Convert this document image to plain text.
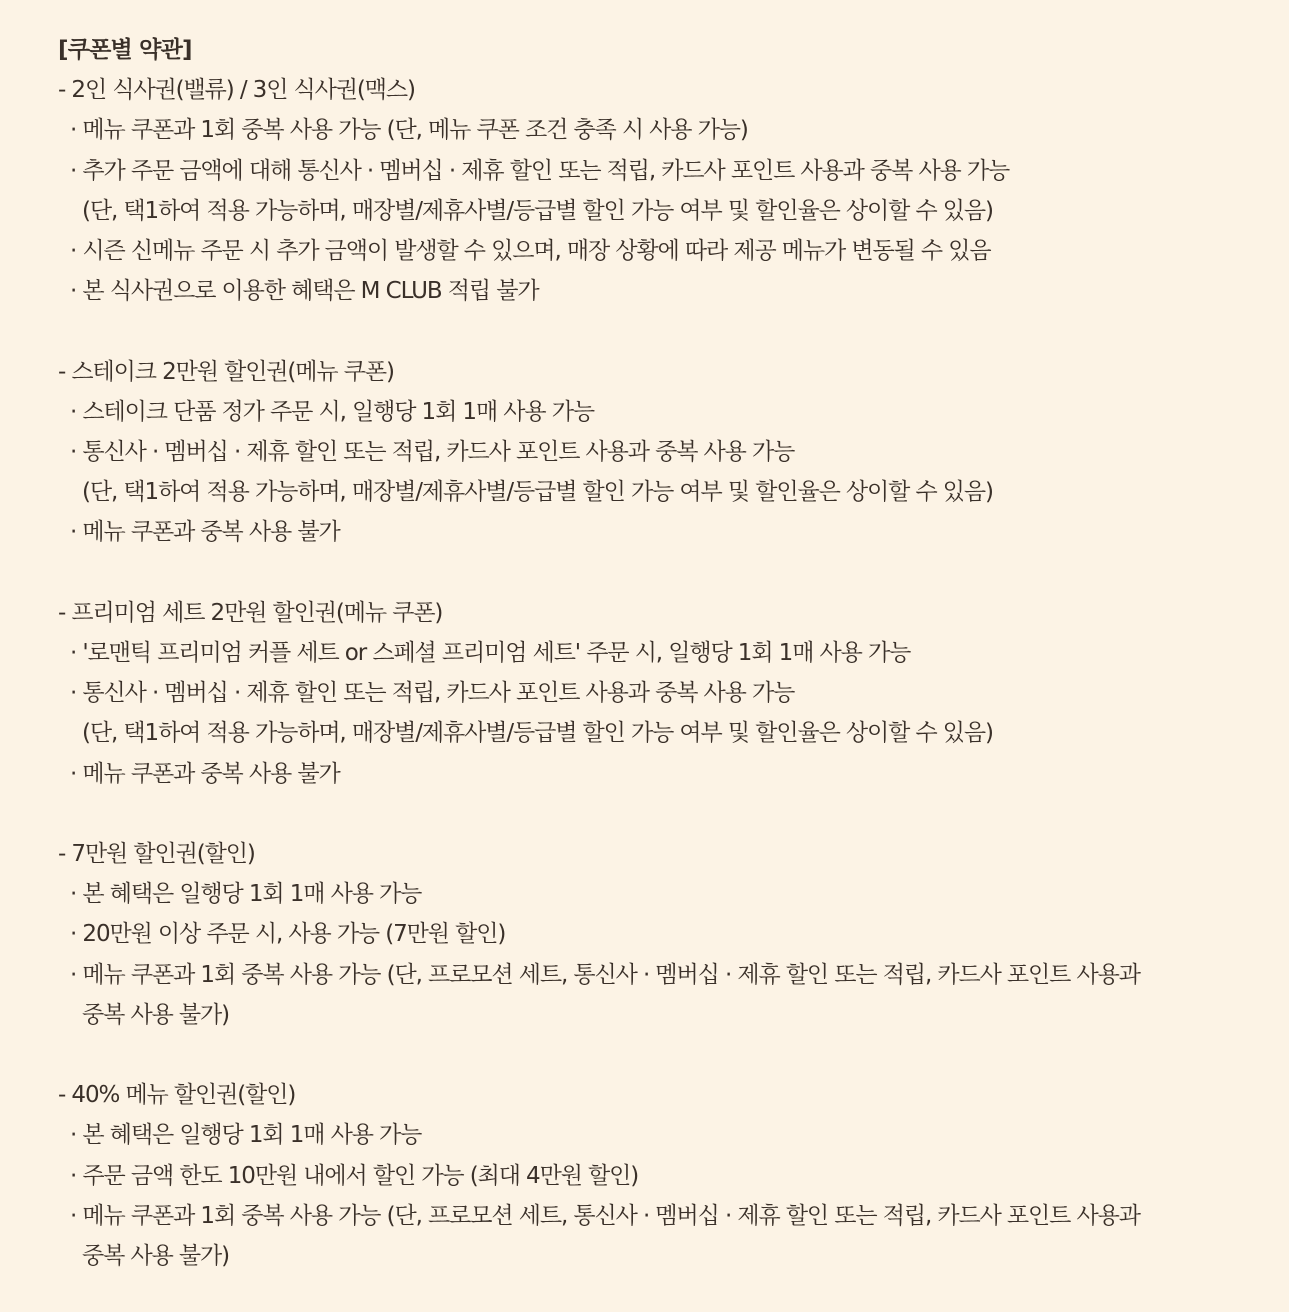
[쿠폰별 약관]
- 2인 식사권(밸류) / 3인 식사권(맥스)
· 메뉴 쿠폰과 1회 중복 사용 가능 (단, 메뉴 쿠폰 조건 충족 시 사용 가능)
· 추가 주문 금액에 대해 통신사 · 멤버십 · 제휴 할인 또는 적립, 카드사 포인트 사용과 중복 사용 가능
(단, 택1하여 적용 가능하며, 매장별/제휴사별/등급별 할인 가능 여부 및 할인율은 상이할 수 있음)
· 시즌 신메뉴 주문 시 추가 금액이 발생할 수 있으며, 매장 상황에 따라 제공 메뉴가 변동될 수 있음
· 본 식사권으로 이용한 혜택은 M CLUB 적립 불가
- 스테이크 2만원 할인권(메뉴 쿠폰)
· 스테이크 단품 정가 주문 시, 일행당 1회 1매 사용 가능
· 통신사 · 멤버십 · 제휴 할인 또는 적립, 카드사 포인트 사용과 중복 사용 가능
(단, 택1하여 적용 가능하며, 매장별/제휴사별/등급별 할인 가능 여부 및 할인율은 상이할 수 있음)
· 메뉴 쿠폰과 중복 사용 불가
- 프리미엄 세트 2만원 할인권(메뉴 쿠폰)
· '로맨틱 프리미엄 커플 세트 or 스페셜 프리미엄 세트' 주문 시, 일행당 1회 1매 사용 가능
· 통신사 · 멤버십 · 제휴 할인 또는 적립, 카드사 포인트 사용과 중복 사용 가능
(단, 택1하여 적용 가능하며, 매장별/제휴사별/등급별 할인 가능 여부 및 할인율은 상이할 수 있음)
· 메뉴 쿠폰과 중복 사용 불가
- 7만원 할인권(할인)
· 본 혜택은 일행당 1회 1매 사용 가능
· 20만원 이상 주문 시, 사용 가능 (7만원 할인)
· 메뉴 쿠폰과 1회 중복 사용 가능 (단, 프로모션 세트, 통신사 · 멤버십 · 제휴 할인 또는 적립, 카드사 포인트 사용과
중복 사용 불가)
- 40% 메뉴 할인권(할인)
· 본 혜택은 일행당 1회 1매 사용 가능
· 주문 금액 한도 10만원 내에서 할인 가능 (최대 4만원 할인)
· 메뉴 쿠폰과 1회 중복 사용 가능 (단, 프로모션 세트, 통신사 · 멤버십 · 제휴 할인 또는 적립, 카드사 포인트 사용과
중복 사용 불가)
